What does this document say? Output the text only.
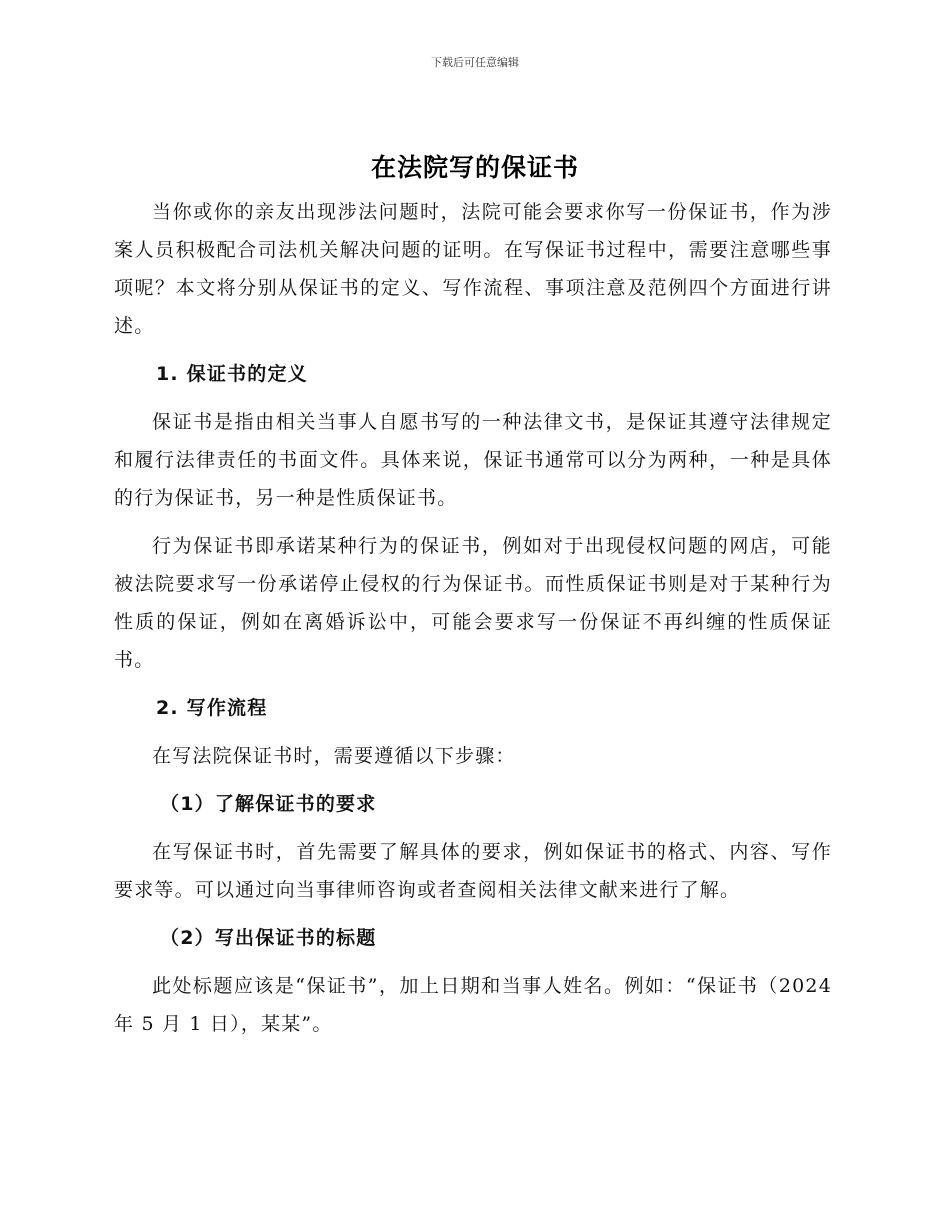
下载后可任意编辑
在法院写的保证书

当你或你的亲友出现涉法问题时，法院可能会要求你写一份保证书，作为涉案人员积极配合司法机关解决问题的证明。在写保证书过程中，需要注意哪些事项呢？本文将分别从保证书的定义、写作流程、事项注意及范例四个方面进行讲述。

1. 保证书的定义

保证书是指由相关当事人自愿书写的一种法律文书，是保证其遵守法律规定和履行法律责任的书面文件。具体来说，保证书通常可以分为两种，一种是具体的行为保证书，另一种是性质保证书。

行为保证书即承诺某种行为的保证书，例如对于出现侵权问题的网店，可能被法院要求写一份承诺停止侵权的行为保证书。而性质保证书则是对于某种行为性质的保证，例如在离婚诉讼中，可能会要求写一份保证不再纠缠的性质保证书。

2. 写作流程

在写法院保证书时，需要遵循以下步骤：

（1）了解保证书的要求

在写保证书时，首先需要了解具体的要求，例如保证书的格式、内容、写作要求等。可以通过向当事律师咨询或者查阅相关法律文献来进行了解。

（2）写出保证书的标题

此处标题应该是“保证书”，加上日期和当事人姓名。例如：“保证书（2024 年 5 月 1 日），某某”。
